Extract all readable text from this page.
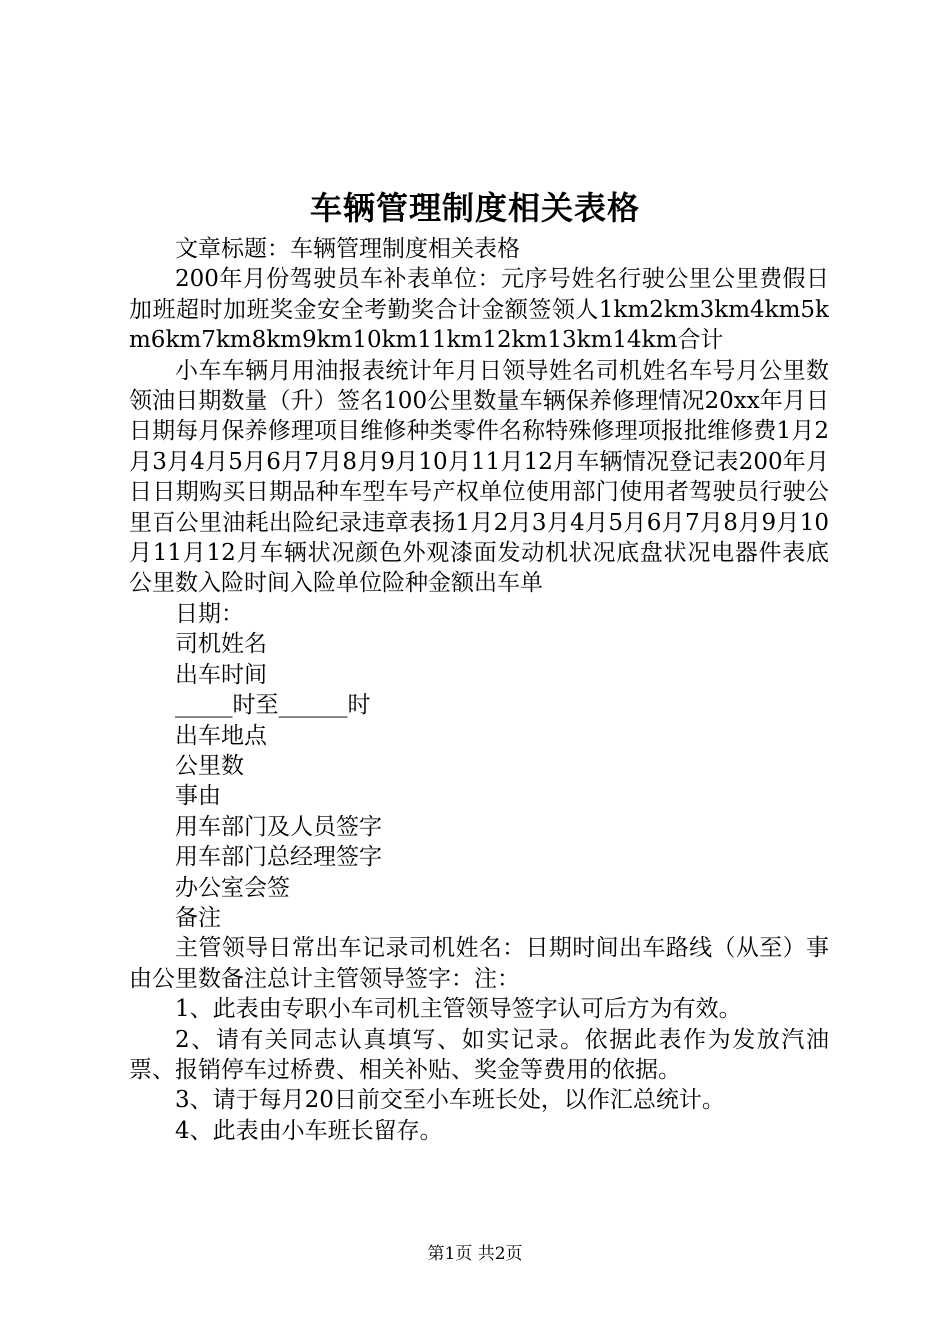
车辆管理制度相关表格

文章标题：车辆管理制度相关表格

200年月份驾驶员车补表单位：元序号姓名行驶公里公里费假日加班超时加班奖金安全考勤奖合计金额签领人1km2km3km4km5km6km7km8km9km10km11km12km13km14km合计

小车车辆月用油报表统计年月日领导姓名司机姓名车号月公里数领油日期数量（升）签名100公里数量车辆保养修理情况20xx年月日日期每月保养修理项目维修种类零件名称特殊修理项报批维修费1月2月3月4月5月6月7月8月9月10月11月12月车辆情况登记表200年月日日期购买日期品种车型车号产权单位使用部门使用者驾驶员行驶公里百公里油耗出险纪录违章表扬1月2月3月4月5月6月7月8月9月10月11月12月车辆状况颜色外观漆面发动机状况底盘状况电器件表底公里数入险时间入险单位险种金额出车单

日期：

司机姓名

出车时间

_____时至______时

出车地点

公里数

事由

用车部门及人员签字

用车部门总经理签字

办公室会签

备注

主管领导日常出车记录司机姓名：日期时间出车路线（从至）事由公里数备注总计主管领导签字：注：

1、此表由专职小车司机主管领导签字认可后方为有效。

2、请有关同志认真填写、如实记录。依据此表作为发放汽油票、报销停车过桥费、相关补贴、奖金等费用的依据。

3、请于每月20日前交至小车班长处，以作汇总统计。

4、此表由小车班长留存。

第1页 共2页
